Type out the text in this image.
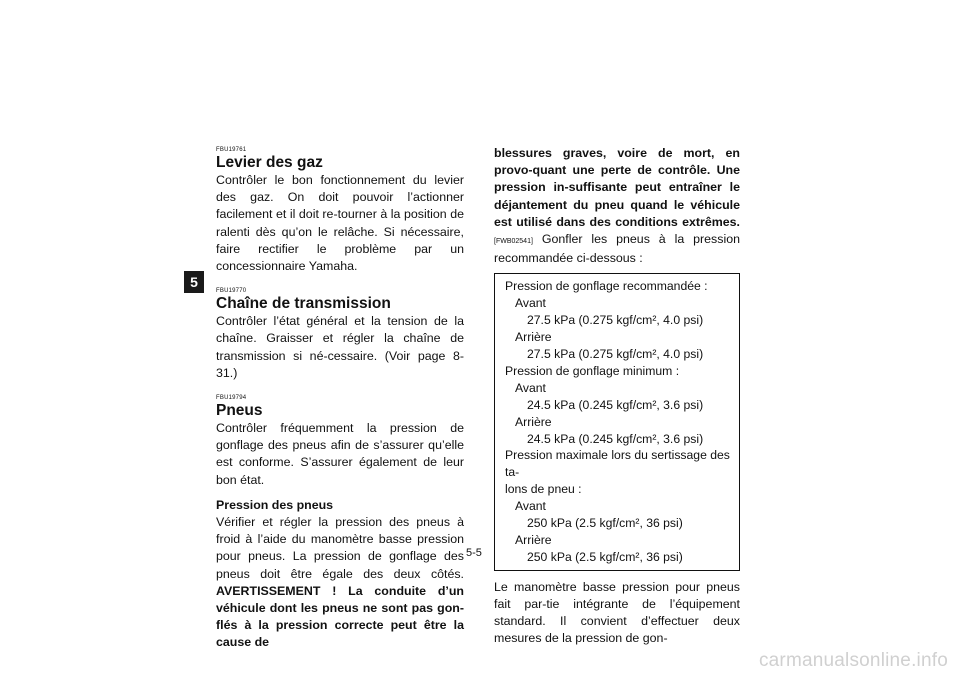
5

FBU19761

Levier des gaz

Contrôler le bon fonctionnement du levier des gaz. On doit pouvoir l’actionner facilement et il doit re-tourner à la position de ralenti dès qu’on le relâche. Si nécessaire, faire rectifier le problème par un concessionnaire Yamaha.

FBU19770

Chaîne de transmission

Contrôler l’état général et la tension de la chaîne. Graisser et régler la chaîne de transmission si né-cessaire. (Voir page 8-31.)

FBU19794

Pneus

Contrôler fréquemment la pression de gonflage des pneus afin de s’assurer qu’elle est conforme. S’assurer également de leur bon état.

Pression des pneus

Vérifier et régler la pression des pneus à froid à l’aide du manomètre basse pression pour pneus. La pression de gonflage des pneus doit être égale des deux côtés. AVERTISSEMENT ! La conduite d’un véhicule dont les pneus ne sont pas gon-flés à la pression correcte peut être la cause de

blessures graves, voire de mort, en provo-quant une perte de contrôle. Une pression in-suffisante peut entraîner le déjantement du pneu quand le véhicule est utilisé dans des conditions extrêmes. [FWB02541] Gonfler les pneus à la pression recommandée ci-dessous :

Pression de gonflage recommandée :
Avant
27.5 kPa (0.275 kgf/cm², 4.0 psi)
Arrière
27.5 kPa (0.275 kgf/cm², 4.0 psi)
Pression de gonflage minimum :
Avant
24.5 kPa (0.245 kgf/cm², 3.6 psi)
Arrière
24.5 kPa (0.245 kgf/cm², 3.6 psi)
Pression maximale lors du sertissage des ta-
lons de pneu :
Avant
250 kPa (2.5 kgf/cm², 36 psi)
Arrière
250 kPa (2.5 kgf/cm², 36 psi)

Le manomètre basse pression pour pneus fait par-tie intégrante de l’équipement standard. Il convient d’effectuer deux mesures de la pression de gon-

5-5
carmanualsonline.info
